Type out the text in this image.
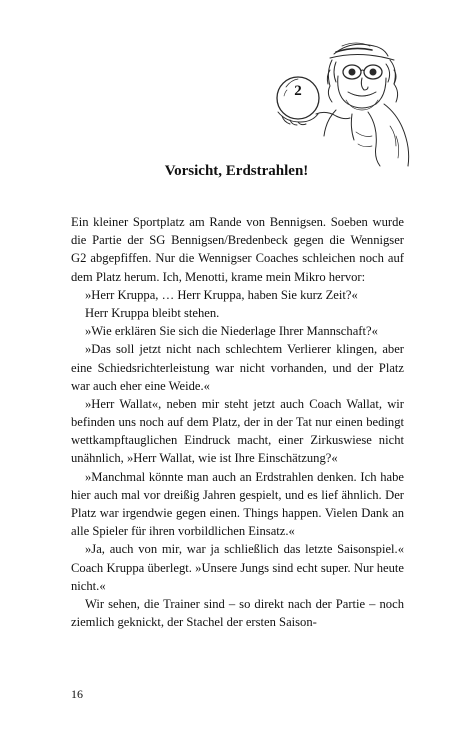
2
Vorsicht, Erdstrahlen!

Ein kleiner Sportplatz am Rande von Bennigsen. Soeben wurde die Partie der SG Bennigsen/Bredenbeck gegen die Wennigser G2 abgepfiffen. Nur die Wennigser Coaches schleichen noch auf dem Platz herum. Ich, Menotti, krame mein Mikro hervor:

»Herr Kruppa, … Herr Kruppa, haben Sie kurz Zeit?«

Herr Kruppa bleibt stehen.

»Wie erklären Sie sich die Niederlage Ihrer Mannschaft?«

»Das soll jetzt nicht nach schlechtem Verlierer klingen, aber eine Schiedsrichterleistung war nicht vorhanden, und der Platz war auch eher eine Weide.«

»Herr Wallat«, neben mir steht jetzt auch Coach Wallat, wir befinden uns noch auf dem Platz, der in der Tat nur einen bedingt wettkampftauglichen Eindruck macht, einer Zirkuswiese nicht unähnlich, »Herr Wallat, wie ist Ihre Einschätzung?«

»Manchmal könnte man auch an Erdstrahlen denken. Ich habe hier auch mal vor dreißig Jahren gespielt, und es lief ähnlich. Der Platz war irgendwie gegen einen. Things happen. Vielen Dank an alle Spieler für ihren vorbildlichen Einsatz.«

»Ja, auch von mir, war ja schließlich das letzte Saisonspiel.« Coach Kruppa überlegt. »Unsere Jungs sind echt super. Nur heute nicht.«

Wir sehen, die Trainer sind – so direkt nach der Partie – noch ziemlich geknickt, der Stachel der ersten Saison-

16
